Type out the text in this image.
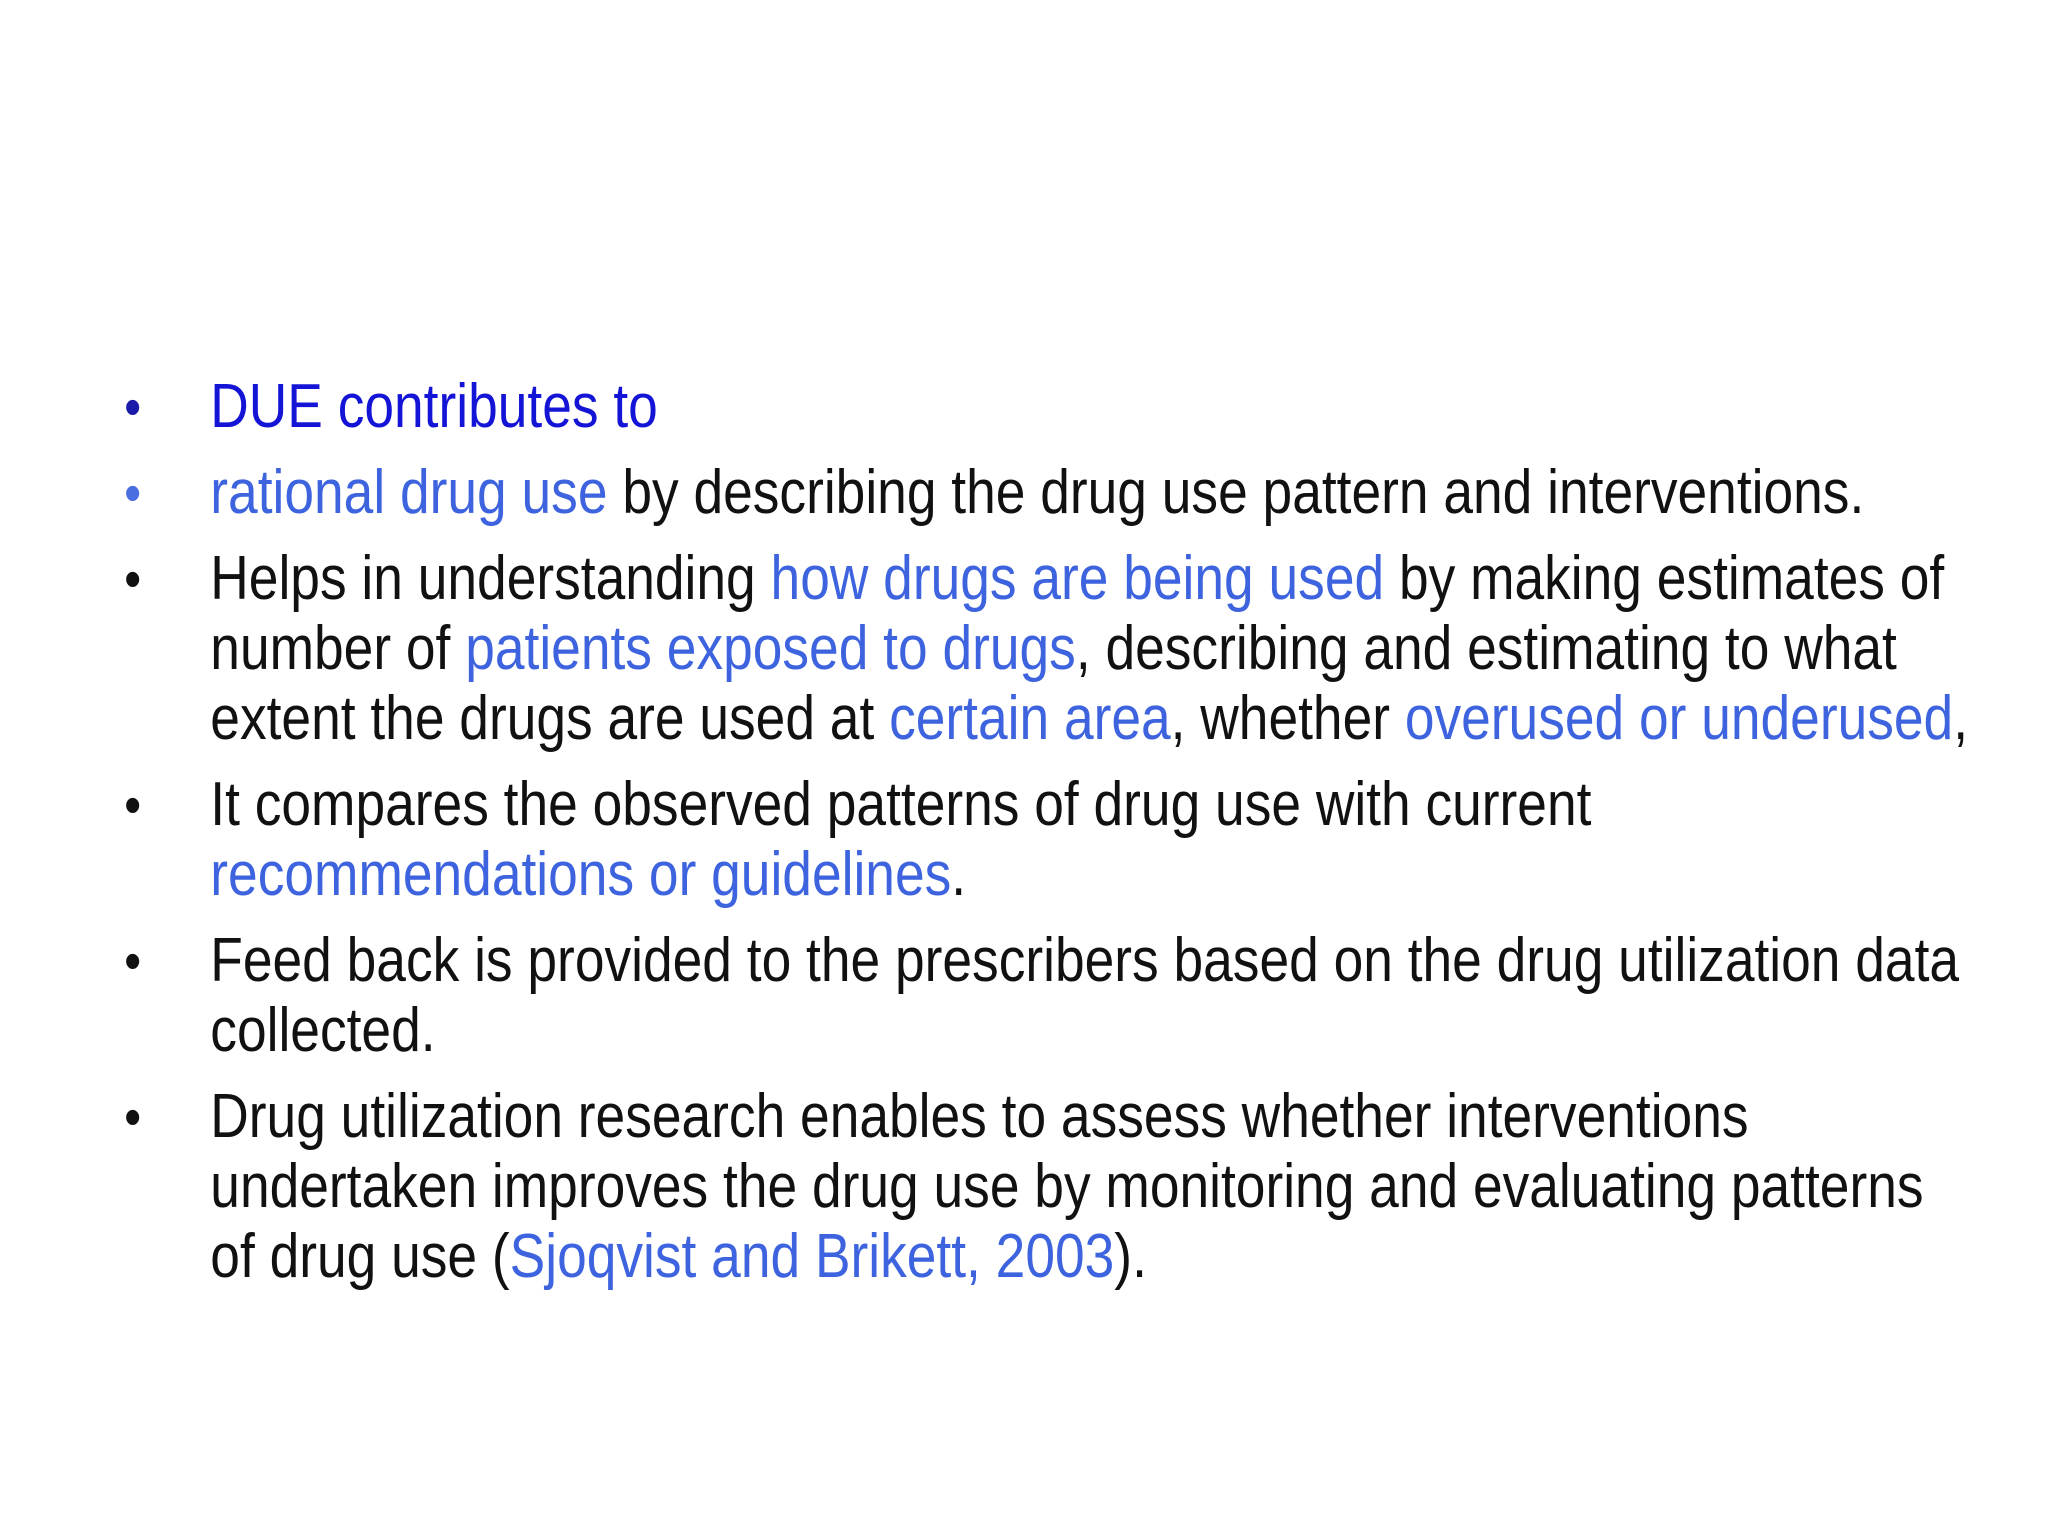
• DUE contributes to
• rational drug use by describing the drug use pattern and interventions.
• Helps in understanding how drugs are being used by making estimates of number of patients exposed to drugs, describing and estimating to what extent the drugs are used at certain area, whether overused or underused,
• It compares the observed patterns of drug use with current recommendations or guidelines.
• Feed back is provided to the prescribers based on the drug utilization data collected.
• Drug utilization research enables to assess whether interventions undertaken improves the drug use by monitoring and evaluating patterns of drug use (Sjoqvist and Brikett, 2003).
